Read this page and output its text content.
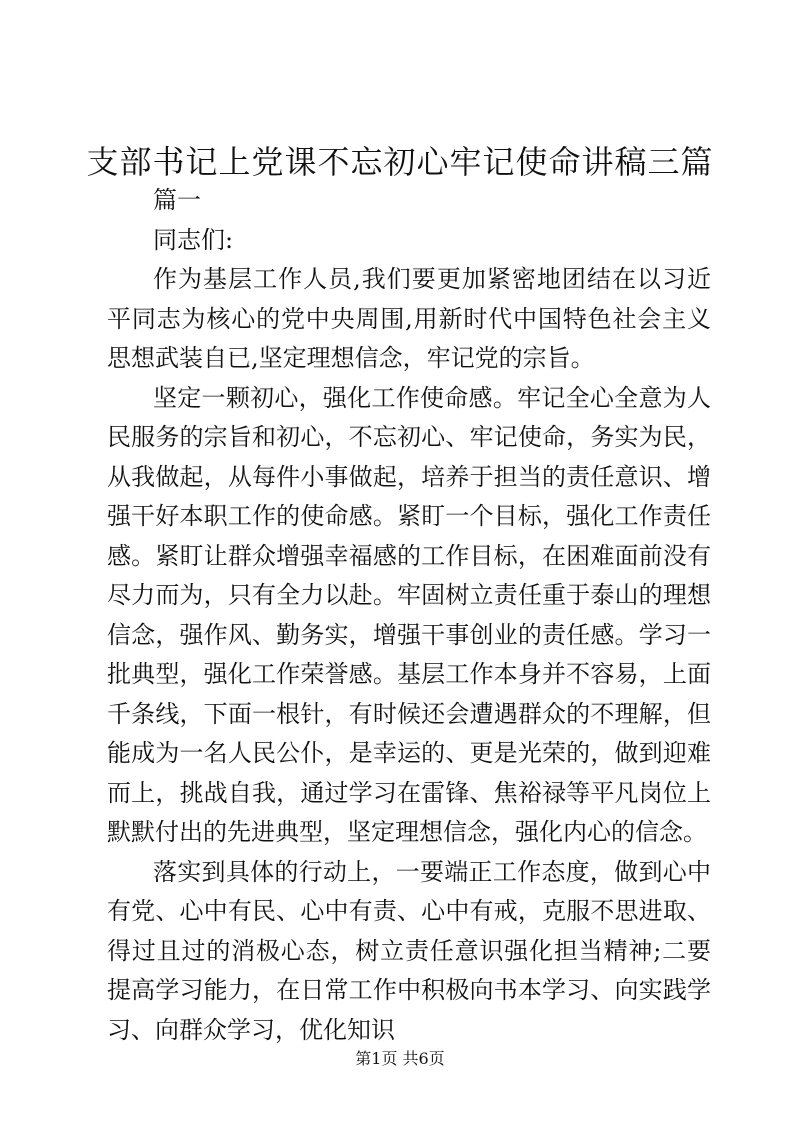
支部书记上党课不忘初心牢记使命讲稿三篇

篇一

同志们:

作为基层工作人员,我们要更加紧密地团结在以习近平同志为核心的党中央周围,用新时代中国特色社会主义思想武装自已,坚定理想信念，牢记党的宗旨。

坚定一颗初心，强化工作使命感。牢记全心全意为人民服务的宗旨和初心，不忘初心、牢记使命，务实为民，从我做起，从每件小事做起，培养于担当的责任意识、增强干好本职工作的使命感。紧盯一个目标，强化工作责任感。紧盯让群众增强幸福感的工作目标，在困难面前没有尽力而为，只有全力以赴。牢固树立责任重于泰山的理想信念，强作风、勤务实，增强干事创业的责任感。学习一批典型，强化工作荣誉感。基层工作本身并不容易，上面千条线，下面一根针，有时候还会遭遇群众的不理解，但能成为一名人民公仆，是幸运的、更是光荣的，做到迎难而上，挑战自我，通过学习在雷锋、焦裕禄等平凡岗位上默默付出的先进典型，坚定理想信念，强化内心的信念。

落实到具体的行动上，一要端正工作态度，做到心中有党、心中有民、心中有责、心中有戒，克服不思进取、得过且过的消极心态，树立责任意识强化担当精神;二要提高学习能力，在日常工作中积极向书本学习、向实践学习、向群众学习，优化知识

第1页 共6页
